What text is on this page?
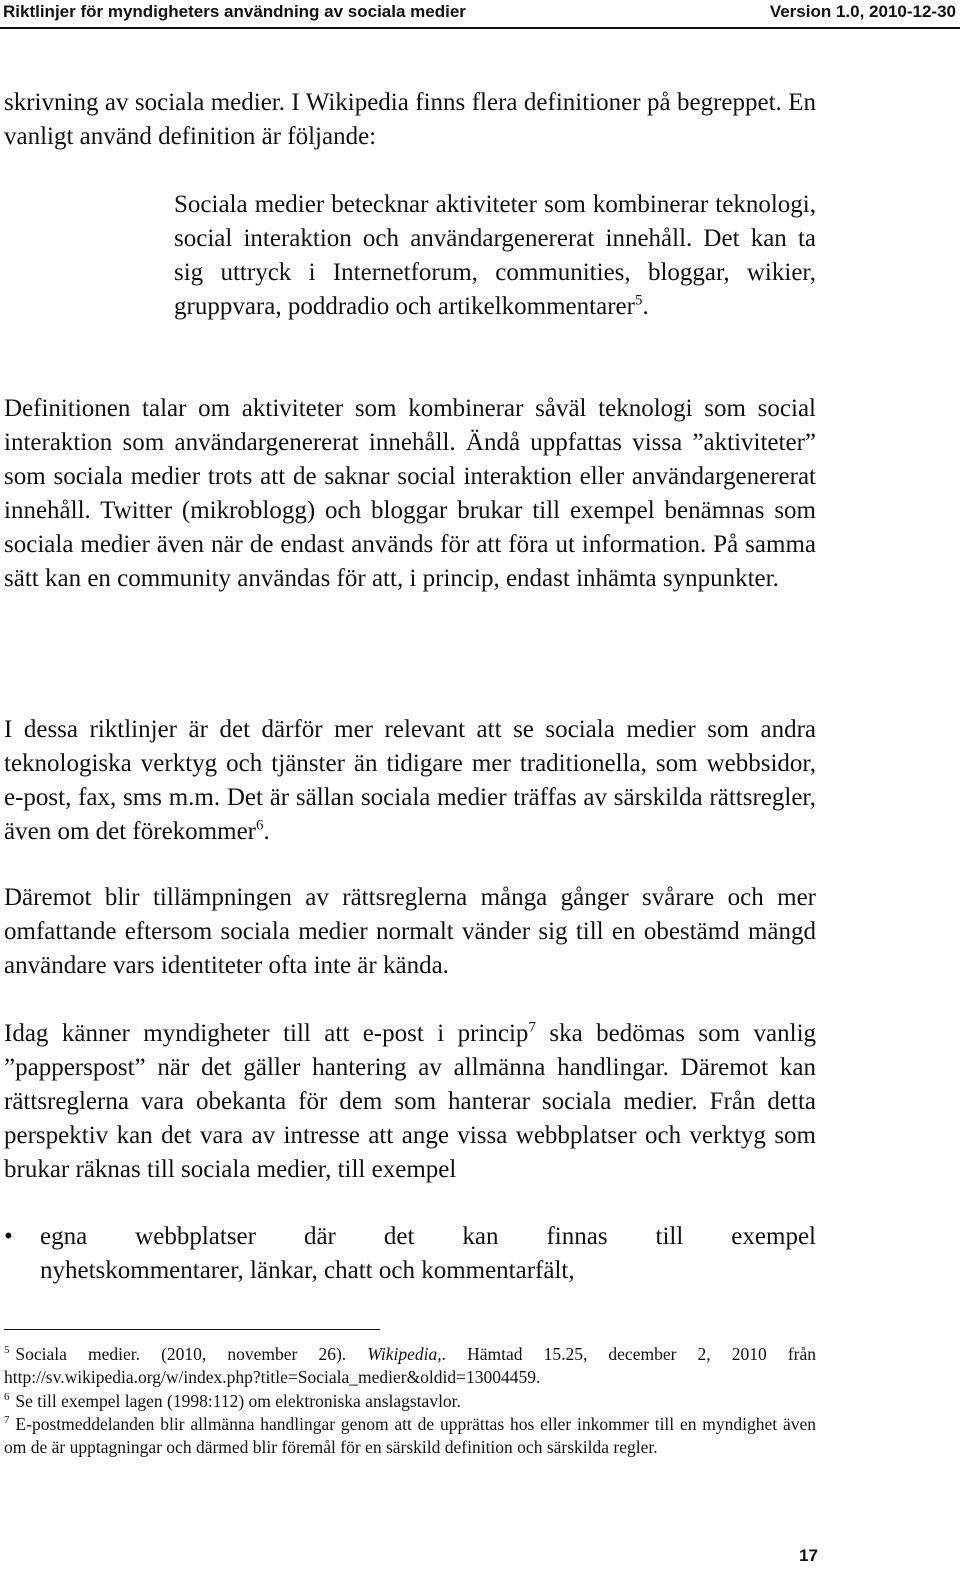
Riktlinjer för myndigheters användning av sociala medier	Version 1.0, 2010-12-30

skrivning av sociala medier. I Wikipedia finns flera definitioner på begreppet. En vanligt använd definition är följande:

Sociala medier betecknar aktiviteter som kombinerar teknologi, social interaktion och användargenererat innehåll. Det kan ta sig uttryck i Internetforum, communities, bloggar, wikier, gruppvara, poddradio och artikelkommentarer$^5$.

Definitionen talar om aktiviteter som kombinerar såväl teknologi som social interaktion som användargenererat innehåll. Ändå uppfattas vissa ”aktiviteter” som sociala medier trots att de saknar social interaktion eller användargenererat innehåll. Twitter (mikroblogg) och bloggar brukar till exempel benämnas som sociala medier även när de endast används för att föra ut information. På samma sätt kan en community användas för att, i princip, endast inhämta synpunkter.

I dessa riktlinjer är det därför mer relevant att se sociala medier som andra teknologiska verktyg och tjänster än tidigare mer traditionella, som webbsidor, e-post, fax, sms m.m. Det är sällan sociala medier träffas av särskilda rättsregler, även om det förekommer$^6$.

Däremot blir tillämpningen av rättsreglerna många gånger svårare och mer omfattande eftersom sociala medier normalt vänder sig till en obestämd mängd användare vars identiteter ofta inte är kända.

Idag känner myndigheter till att e-post i princip$^7$ ska bedömas som vanlig ”papperspost” när det gäller hantering av allmänna handlingar. Däremot kan rättsreglerna vara obekanta för dem som hanterar sociala medier. Från detta perspektiv kan det vara av intresse att ange vissa webbplatser och verktyg som brukar räknas till sociala medier, till exempel

•	egna webbplatser där det kan finnas till exempel
nyhetskommentarer, länkar, chatt och kommentarfält,
$^5$ Sociala medier. (2010, november 26). Wikipedia,. Hämtad 15.25, december 2, 2010 från http://sv.wikipedia.org/w/index.php?title=Sociala_medier&oldid=13004459.
$^6$ Se till exempel lagen (1998:112) om elektroniska anslagstavlor.
$^7$ E-postmeddelanden blir allmänna handlingar genom att de upprättas hos eller inkommer till en myndighet även om de är upptagningar och därmed blir föremål för en särskild definition och särskilda regler.
17
